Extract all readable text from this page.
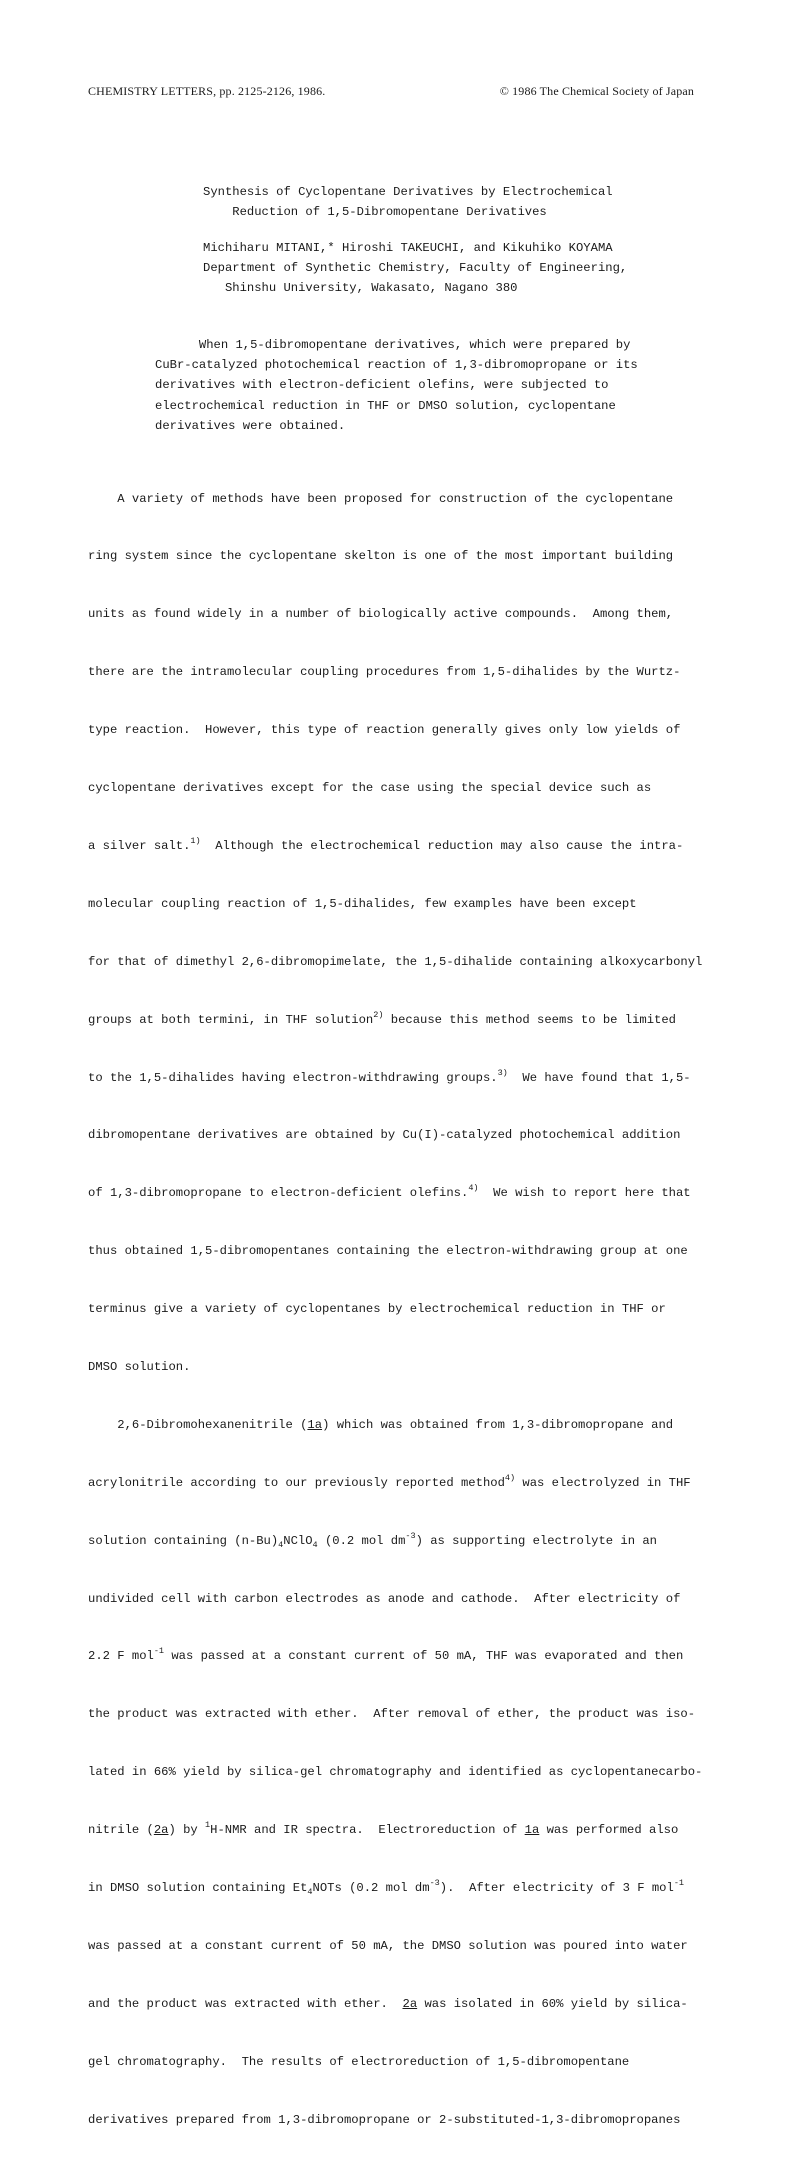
CHEMISTRY LETTERS, pp. 2125-2126, 1986.	© 1986 The Chemical Society of Japan
Synthesis of Cyclopentane Derivatives by Electrochemical
Reduction of 1,5-Dibromopentane Derivatives
Michiharu MITANI,* Hiroshi TAKEUCHI, and Kikuhiko KOYAMA
Department of Synthetic Chemistry, Faculty of Engineering,
Shinshu University, Wakasato, Nagano 380
When 1,5-dibromopentane derivatives, which were prepared by
CuBr-catalyzed photochemical reaction of 1,3-dibromopropane or its
derivatives with electron-deficient olefins, were subjected to
electrochemical reduction in THF or DMSO solution, cyclopentane
derivatives were obtained.

A variety of methods have been proposed for construction of the cyclopentane

ring system since the cyclopentane skelton is one of the most important building

units as found widely in a number of biologically active compounds.  Among them,

there are the intramolecular coupling procedures from 1,5-dihalides by the Wurtz-

type reaction.  However, this type of reaction generally gives only low yields of

cyclopentane derivatives except for the case using the special device such as

a silver salt.$^{1)}$  Although the electrochemical reduction may also cause the intra-

molecular coupling reaction of 1,5-dihalides, few examples have been except

for that of dimethyl 2,6-dibromopimelate, the 1,5-dihalide containing alkoxycarbonyl

groups at both termini, in THF solution$^{2)}$ because this method seems to be limited

to the 1,5-dihalides having electron-withdrawing groups.$^{3)}$  We have found that 1,5-

dibromopentane derivatives are obtained by Cu(I)-catalyzed photochemical addition

of 1,3-dibromopropane to electron-deficient olefins.$^{4)}$  We wish to report here that

thus obtained 1,5-dibromopentanes containing the electron-withdrawing group at one

terminus give a variety of cyclopentanes by electrochemical reduction in THF or

DMSO solution.

2,6-Dibromohexanenitrile (1a) which was obtained from 1,3-dibromopropane and

acrylonitrile according to our previously reported method$^{4)}$ was electrolyzed in THF

solution containing $(n-Bu)_4NClO_4$ (0.2 mol $dm^{-3}$) as supporting electrolyte in an

undivided cell with carbon electrodes as anode and cathode.  After electricity of

2.2 F mol$^{-1}$ was passed at a constant current of 50 mA, THF was evaporated and then

the product was extracted with ether.  After removal of ether, the product was iso-

lated in 66% yield by silica-gel chromatography and identified as cyclopentanecarbo-

nitrile (2a) by $^1$H-NMR and IR spectra.  Electroreduction of 1a was performed also

in DMSO solution containing $Et_4NOTs$ (0.2 mol $dm^{-3}$).  After electricity of 3 F mol$^{-1}$

was passed at a constant current of 50 mA, the DMSO solution was poured into water

and the product was extracted with ether.  2a was isolated in 60% yield by silica-

gel chromatography.  The results of electroreduction of 1,5-dibromopentane

derivatives prepared from 1,3-dibromopropane or 2-substituted-1,3-dibromopropanes
